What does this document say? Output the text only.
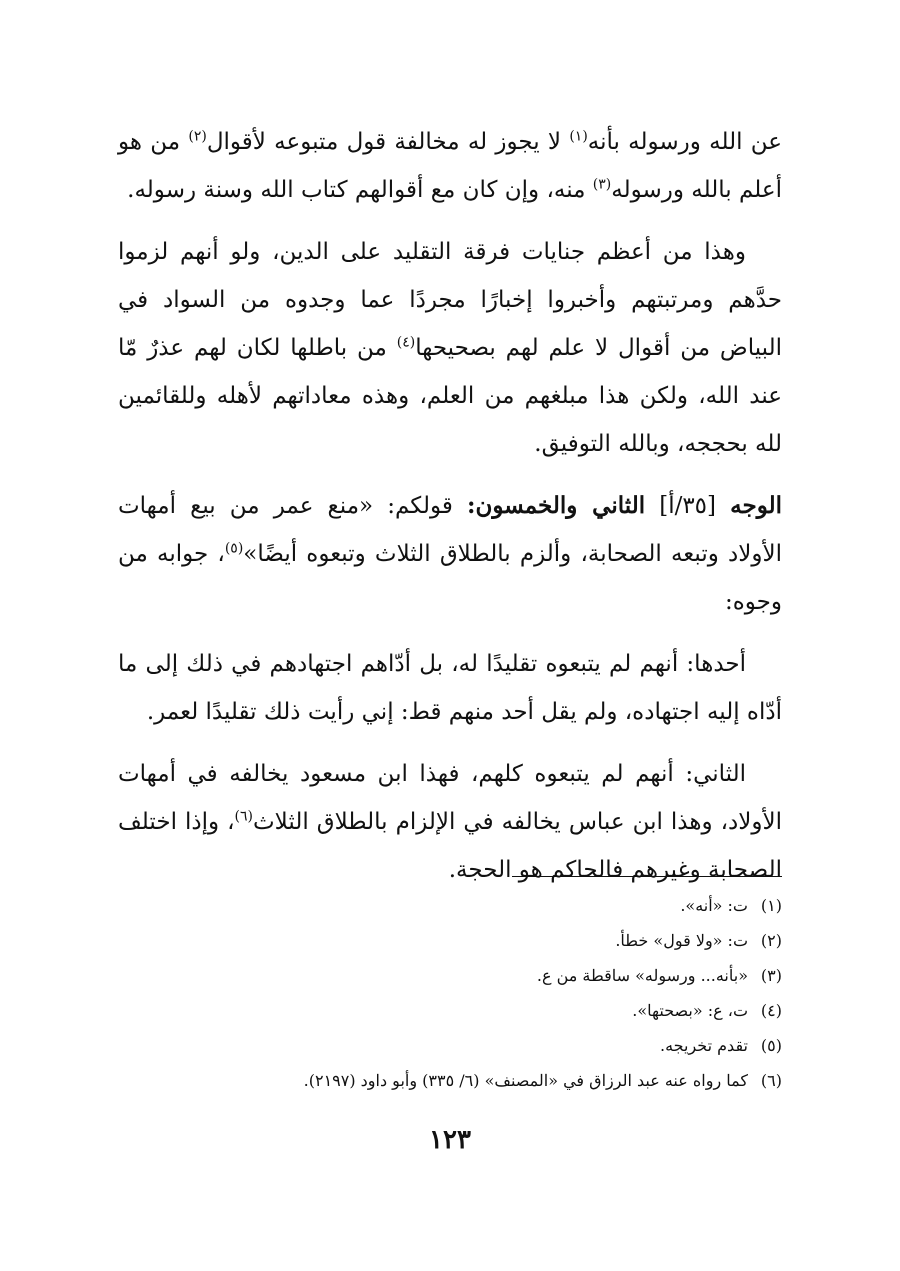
عن الله ورسوله بأنه$^{(١)}$ لا يجوز له مخالفة قول متبوعه لأقوال$^{(٢)}$ من هو أعلم بالله ورسوله$^{(٣)}$ منه، وإن كان مع أقوالهم كتاب الله وسنة رسوله.

وهذا من أعظم جنايات فرقة التقليد على الدين، ولو أنهم لزموا حدَّهم ومرتبتهم وأخبروا إخبارًا مجردًا عما وجدوه من السواد في البياض من أقوال لا علم لهم بصحيحها$^{(٤)}$ من باطلها لكان لهم عذرٌ مّا عند الله، ولكن هذا مبلغهم من العلم، وهذه معاداتهم لأهله وللقائمين لله بحججه، وبالله التوفيق.

الوجه [٣٥/أ] الثاني والخمسون: قولكم: «منع عمر من بيع أمهات الأولاد وتبعه الصحابة، وألزم بالطلاق الثلاث وتبعوه أيضًا»$^{(٥)}$، جوابه من وجوه:

أحدها: أنهم لم يتبعوه تقليدًا له، بل أدّاهم اجتهادهم في ذلك إلى ما أدّاه إليه اجتهاده، ولم يقل أحد منهم قط: إني رأيت ذلك تقليدًا لعمر.

الثاني: أنهم لم يتبعوه كلهم، فهذا ابن مسعود يخالفه في أمهات الأولاد، وهذا ابن عباس يخالفه في الإلزام بالطلاق الثلاث$^{(٦)}$، وإذا اختلف الصحابة وغيرهم فالحاكم هو الحجة.

(١)ت: «أنه».
(٢)ت: «ولا قول» خطأ.
(٣)«بأنه... ورسوله» ساقطة من ع.
(٤)ت، ع: «بصحتها».
(٥)تقدم تخريجه.
(٦)كما رواه عنه عبد الرزاق في «المصنف» (٦/ ٣٣٥) وأبو داود (٢١٩٧).
١٢٣
